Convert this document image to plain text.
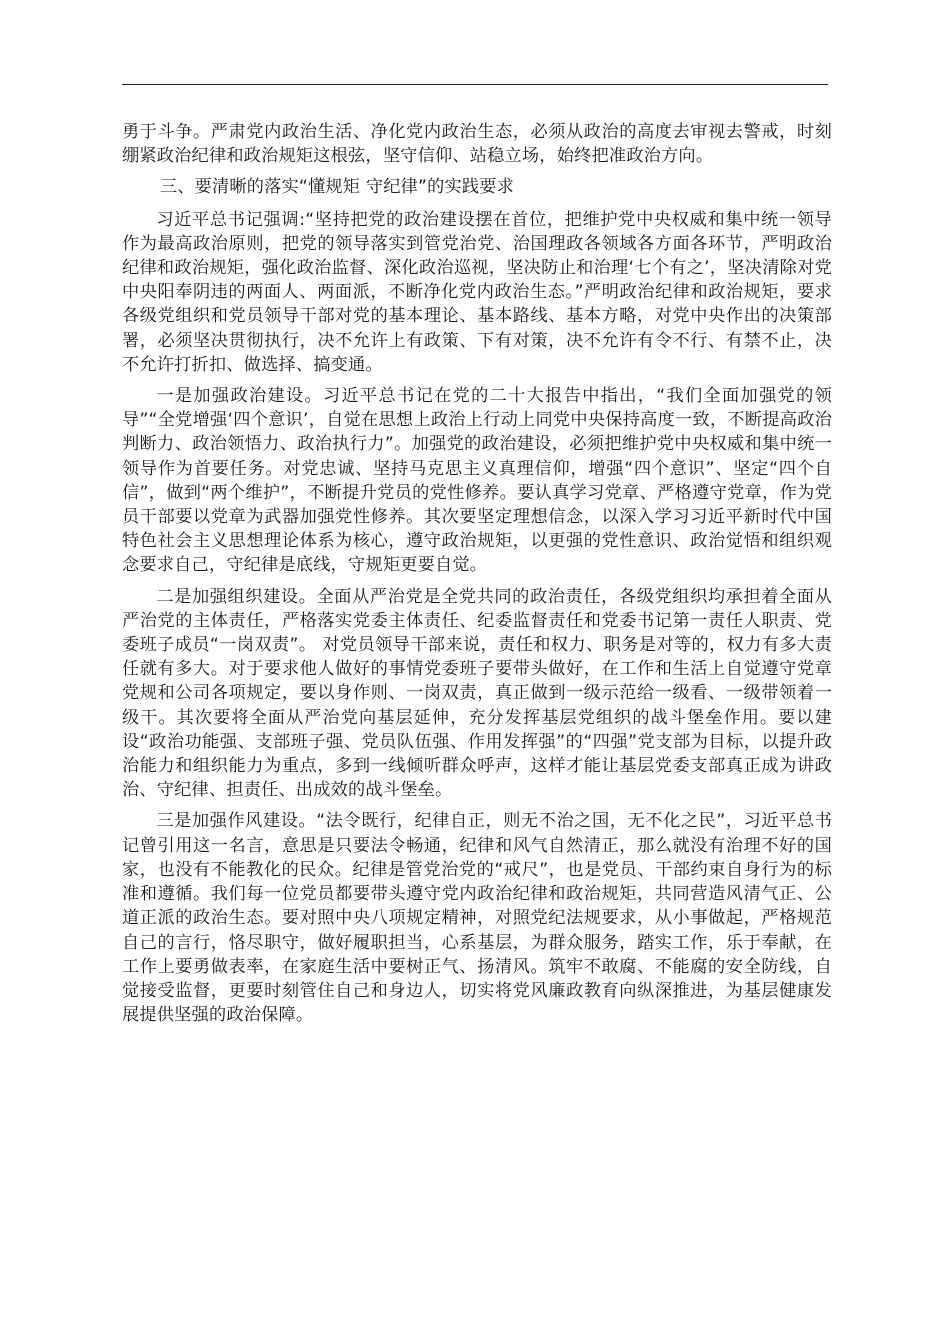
勇于斗争。严肃党内政治生活、净化党内政治生态，必须从政治的高度去审视去警戒，时刻绷紧政治纪律和政治规矩这根弦，坚守信仰、站稳立场，始终把准政治方向。

三、要清晰的落实“懂规矩 守纪律”的实践要求

习近平总书记强调:“坚持把党的政治建设摆在首位，把维护党中央权威和集中统一领导作为最高政治原则，把党的领导落实到管党治党、治国理政各领域各方面各环节，严明政治纪律和政治规矩，强化政治监督、深化政治巡视，坚决防止和治理‘七个有之’，坚决清除对党中央阳奉阴违的两面人、两面派，不断净化党内政治生态。”严明政治纪律和政治规矩，要求各级党组织和党员领导干部对党的基本理论、基本路线、基本方略，对党中央作出的决策部署，必须坚决贯彻执行，决不允许上有政策、下有对策，决不允许有令不行、有禁不止，决不允许打折扣、做选择、搞变通。

一是加强政治建设。习近平总书记在党的二十大报告中指出，“我们全面加强党的领导”“全党增强‘四个意识’，自觉在思想上政治上行动上同党中央保持高度一致，不断提高政治判断力、政治领悟力、政治执行力”。加强党的政治建设，必须把维护党中央权威和集中统一领导作为首要任务。对党忠诚、坚持马克思主义真理信仰，增强“四个意识”、坚定“四个自信”，做到“两个维护”，不断提升党员的党性修养。要认真学习党章、严格遵守党章，作为党员干部要以党章为武器加强党性修养。其次要坚定理想信念，以深入学习习近平新时代中国特色社会主义思想理论体系为核心，遵守政治规矩，以更强的党性意识、政治觉悟和组织观念要求自己，守纪律是底线，守规矩更要自觉。

二是加强组织建设。全面从严治党是全党共同的政治责任，各级党组织均承担着全面从严治党的主体责任，严格落实党委主体责任、纪委监督责任和党委书记第一责任人职责、党委班子成员“一岗双责”。 对党员领导干部来说，责任和权力、职务是对等的，权力有多大责任就有多大。对于要求他人做好的事情党委班子要带头做好，在工作和生活上自觉遵守党章党规和公司各项规定，要以身作则、一岗双责，真正做到一级示范给一级看、一级带领着一级干。其次要将全面从严治党向基层延伸，充分发挥基层党组织的战斗堡垒作用。要以建设“政治功能强、支部班子强、党员队伍强、作用发挥强”的“四强”党支部为目标，以提升政治能力和组织能力为重点，多到一线倾听群众呼声，这样才能让基层党委支部真正成为讲政治、守纪律、担责任、出成效的战斗堡垒。

三是加强作风建设。“法令既行，纪律自正，则无不治之国，无不化之民”，习近平总书记曾引用这一名言，意思是只要法令畅通，纪律和风气自然清正，那么就没有治理不好的国家，也没有不能教化的民众。纪律是管党治党的“戒尺”，也是党员、干部约束自身行为的标准和遵循。我们每一位党员都要带头遵守党内政治纪律和政治规矩，共同营造风清气正、公道正派的政治生态。要对照中央八项规定精神，对照党纪法规要求，从小事做起，严格规范自己的言行，恪尽职守，做好履职担当，心系基层，为群众服务，踏实工作，乐于奉献，在工作上要勇做表率，在家庭生活中要树正气、扬清风。筑牢不敢腐、不能腐的安全防线，自觉接受监督，更要时刻管住自己和身边人，切实将党风廉政教育向纵深推进，为基层健康发展提供坚强的政治保障。
